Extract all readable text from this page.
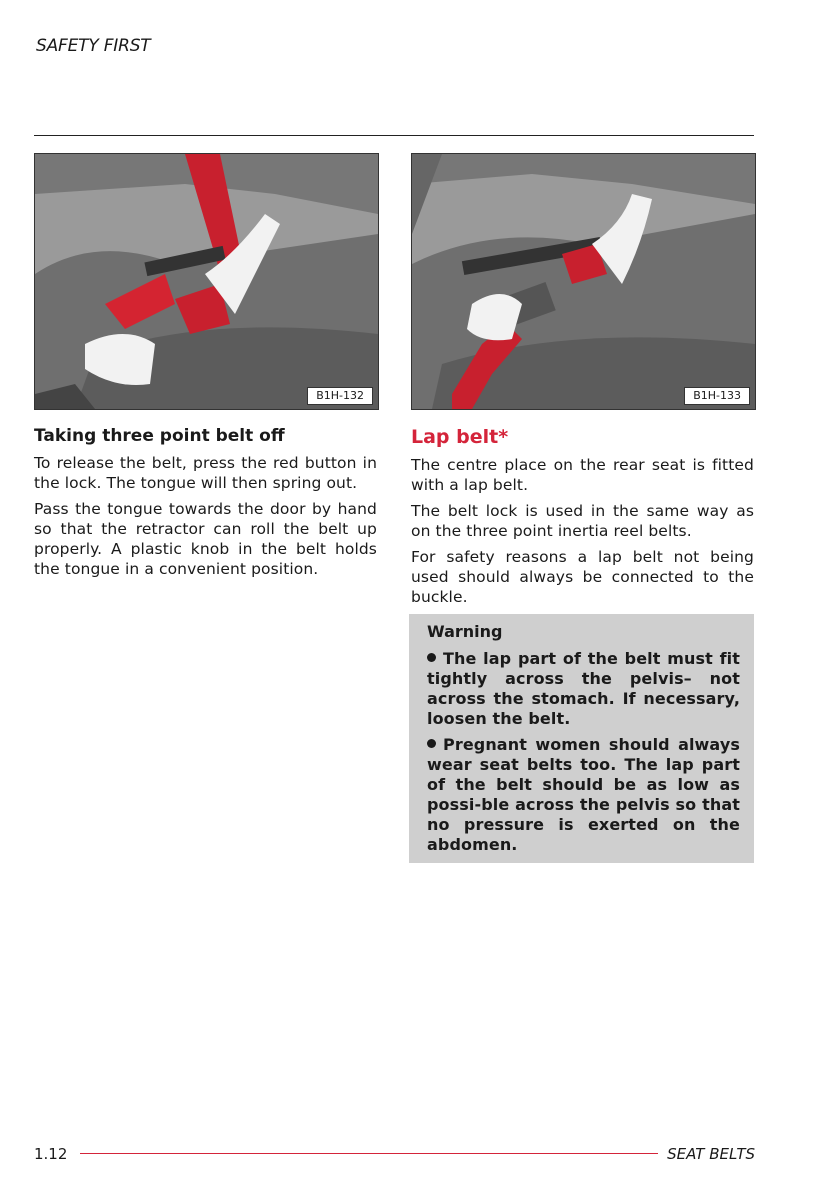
SAFETY FIRST
B1H-132	B1H-133
Taking three point belt off

To release the belt, press the red button in the lock. The tongue will then spring out.

Pass the tongue towards the door by hand so that the retractor can roll the belt up properly. A plastic knob in the belt holds the tongue in a convenient position.

Lap belt*

The centre place on the rear seat is fitted with a lap belt.

The belt lock is used in the same way as on the three point inertia reel belts.

For safety reasons a lap belt not being used should always be connected to the buckle.

Warning

The lap part of the belt must fit tightly across the pelvis– not across the stomach. If necessary, loosen the belt.

Pregnant women should always wear seat belts too. The lap part of the belt should be as low as possi-ble across the pelvis so that no pressure is exerted on the abdomen.

1.12	SEAT BELTS
